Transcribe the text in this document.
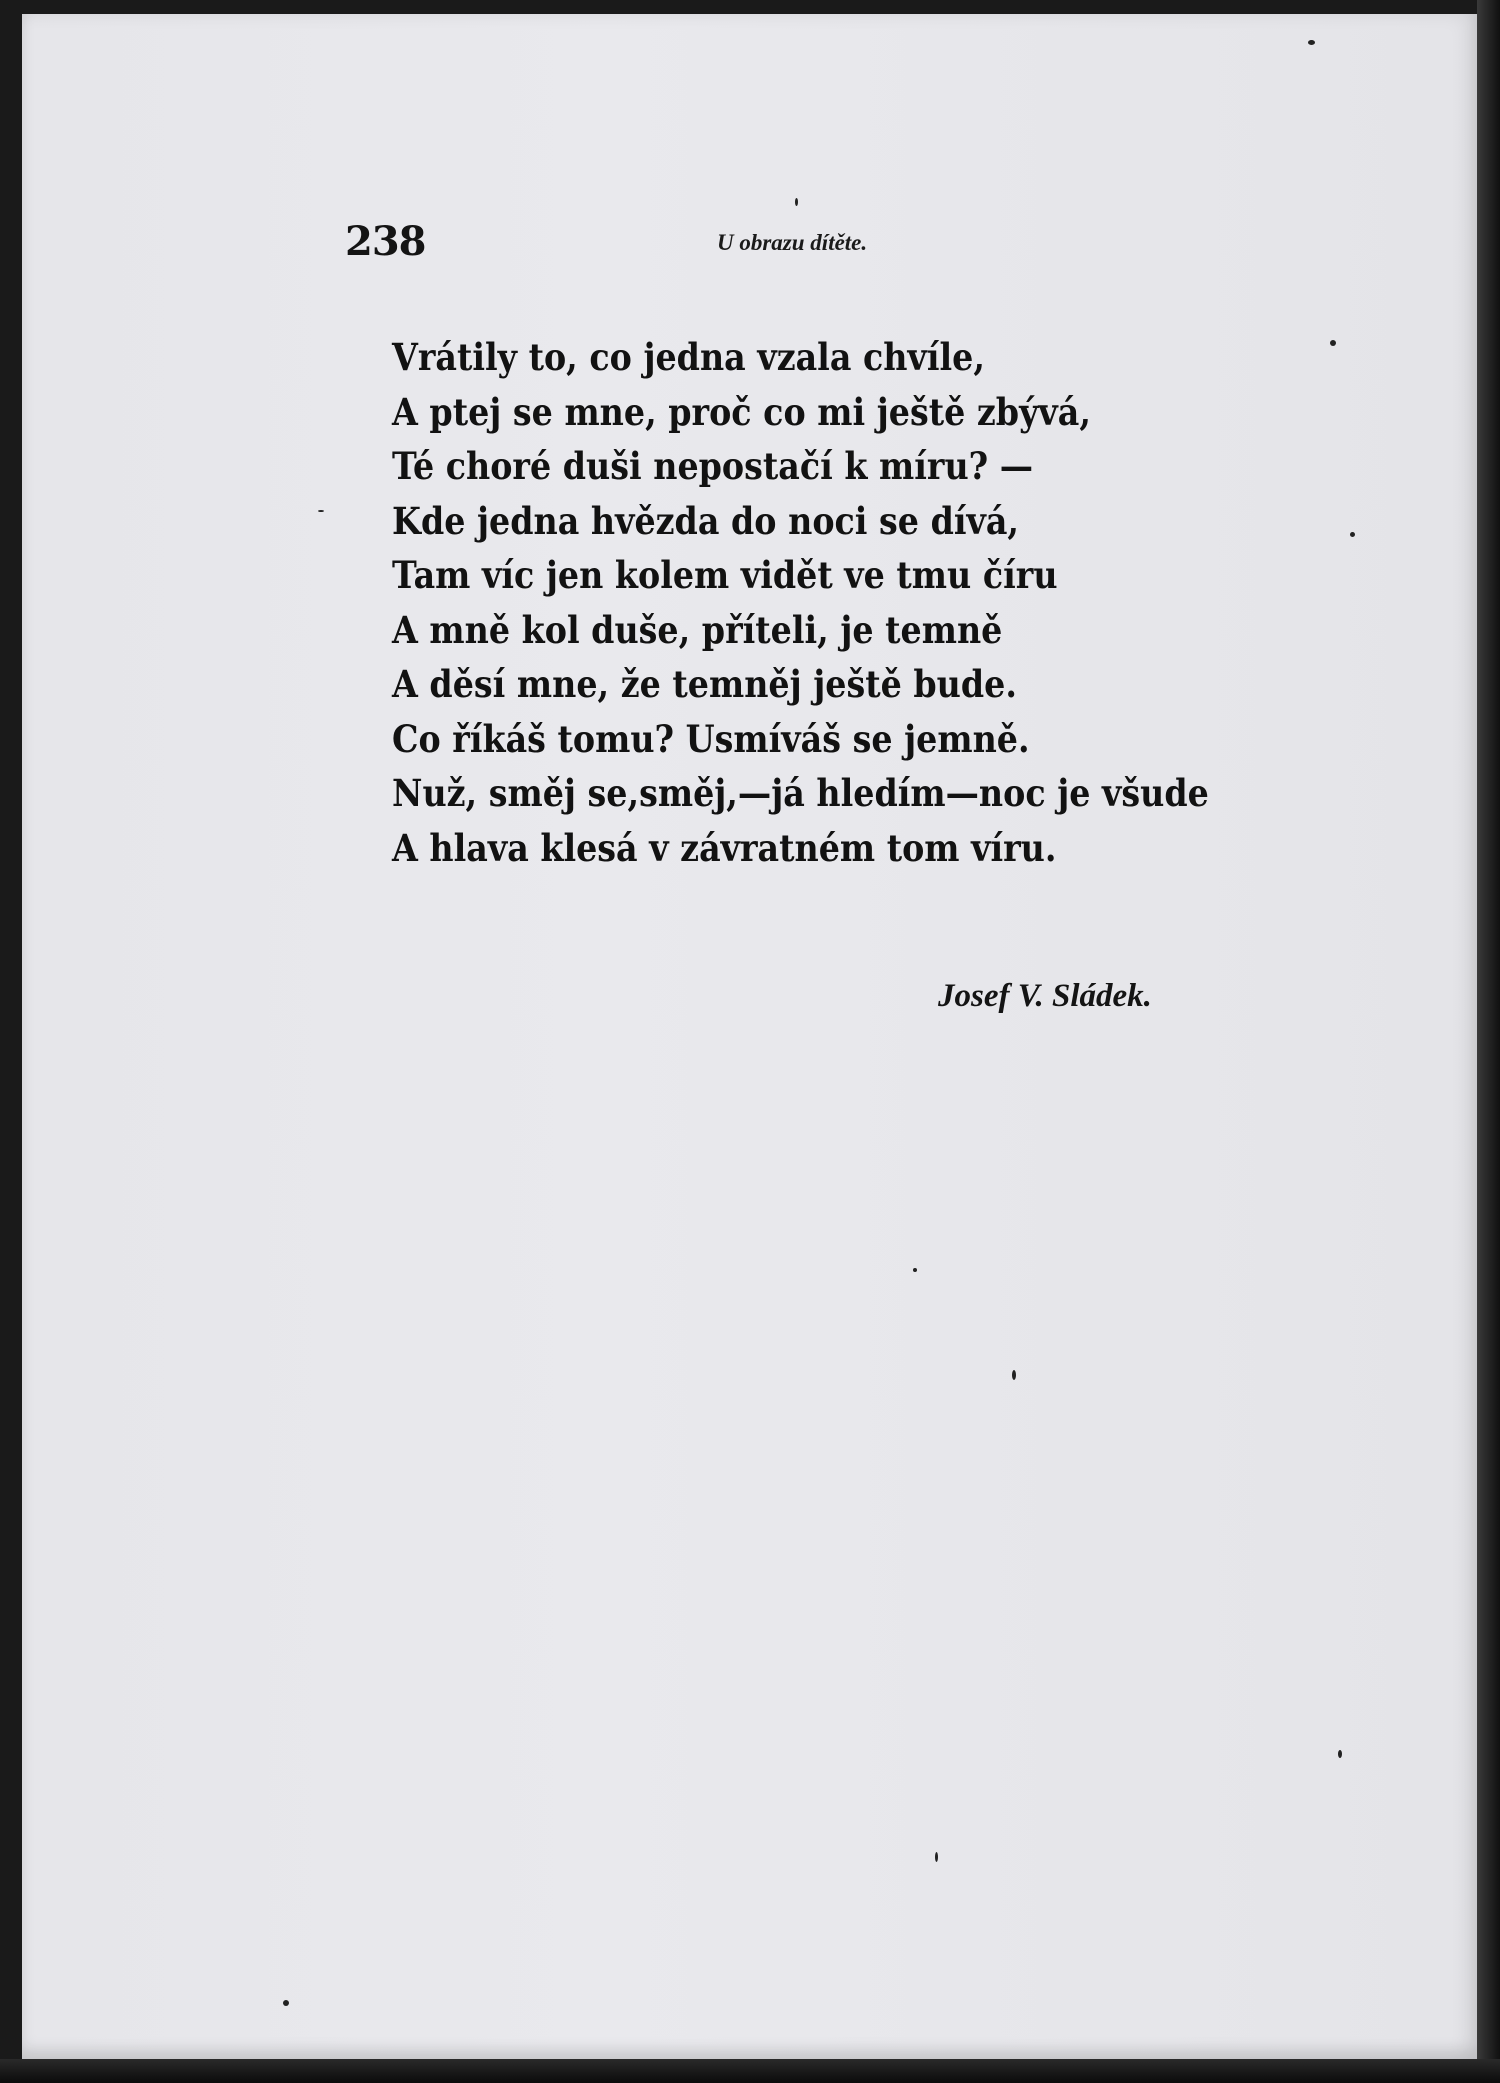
238	U obrazu dítěte.
Vrátily to, co jedna vzala chvíle,
A ptej se mne, proč co mi ještě zbývá,
Té choré duši nepostačí k míru? —
Kde jedna hvězda do noci se dívá,
Tam víc jen kolem vidět ve tmu číru
A mně kol duše, příteli, je temně
A děsí mne, že temněj ještě bude.
Co říkáš tomu? Usmíváš se jemně.
Nuž, směj se,směj,—já hledím—noc je všude
A hlava klesá v závratném tom víru.
Josef V. Sládek.
